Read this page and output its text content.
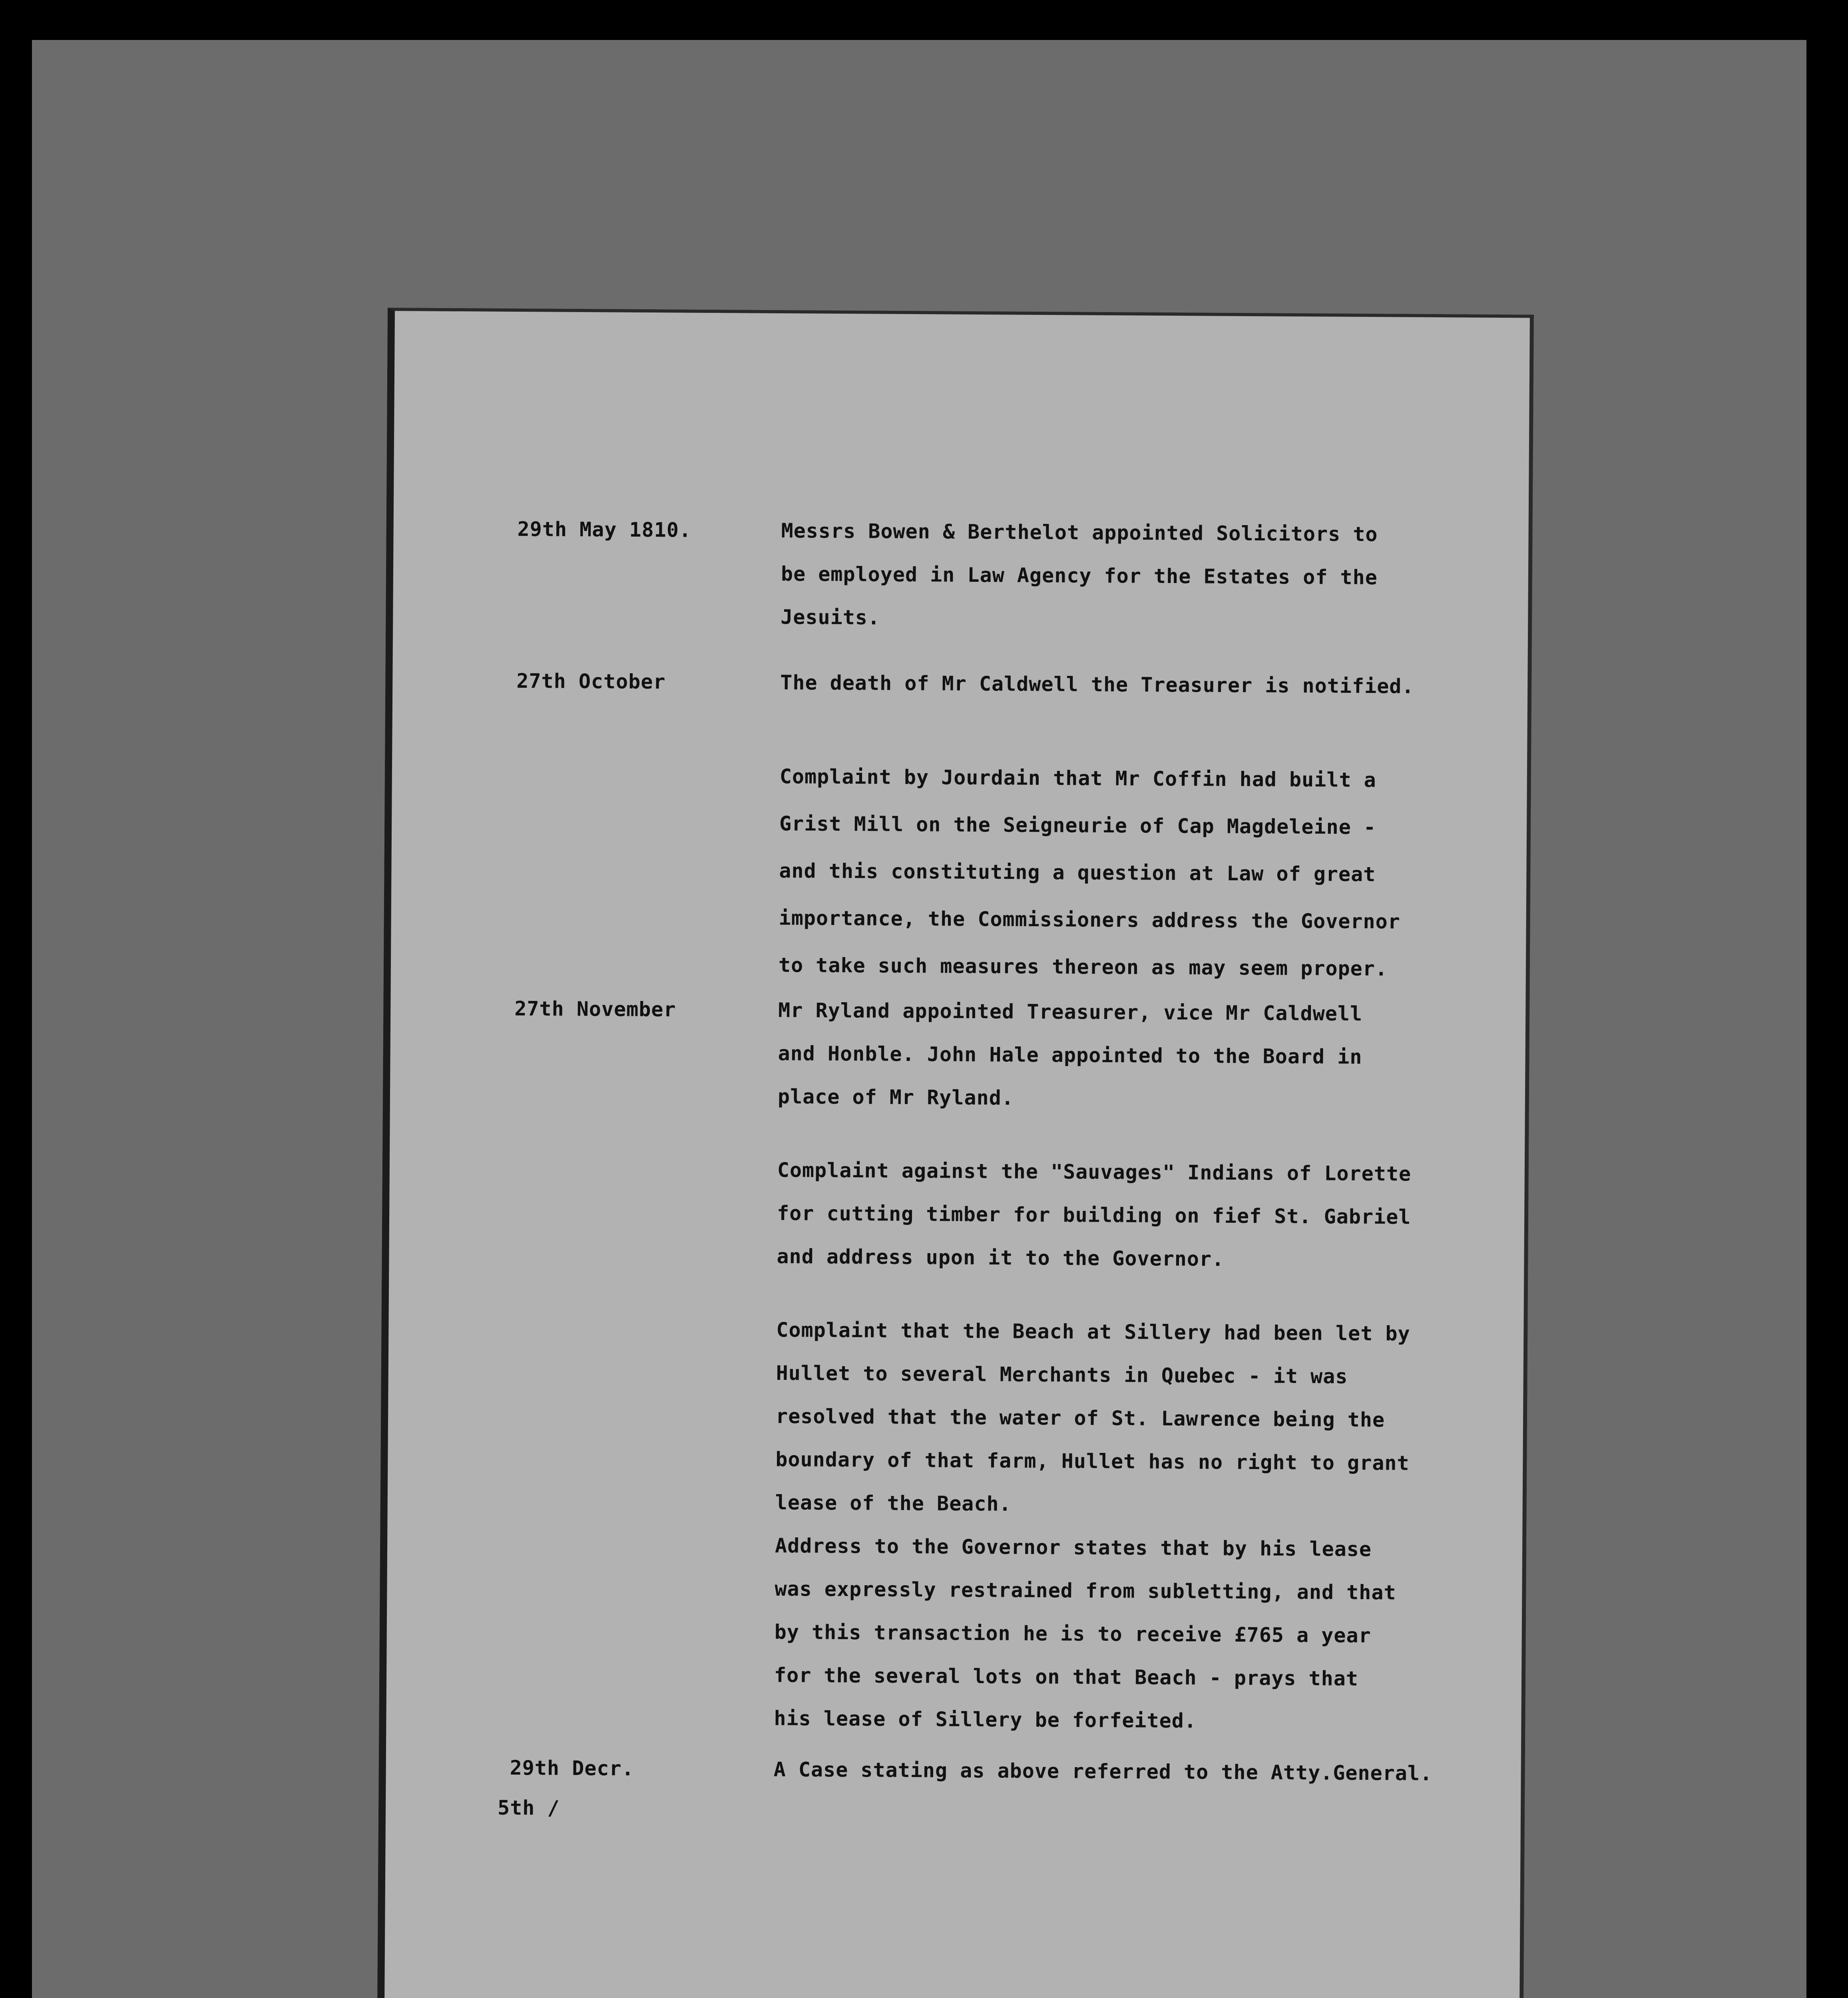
29th May 1810.	Messrs Bowen & Berthelot appointed Solicitors to
be employed in Law Agency for the Estates of the
Jesuits.
27th October	The death of Mr Caldwell the Treasurer is notified.
Complaint by Jourdain that Mr Coffin had built a
Grist Mill on the Seigneurie of Cap Magdeleine -
and this constituting a question at Law of great
importance, the Commissioners address the Governor
to take such measures thereon as may seem proper.
27th November	Mr Ryland appointed Treasurer, vice Mr Caldwell
and Honble. John Hale appointed to the Board in
place of Mr Ryland.
Complaint against the "Sauvages" Indians of Lorette
for cutting timber for building on fief St. Gabriel
and address upon it to the Governor.
Complaint that the Beach at Sillery had been let by
Hullet to several Merchants in Quebec - it was
resolved that the water of St. Lawrence being the
boundary of that farm, Hullet has no right to grant
lease of the Beach.
Address to the Governor states that by his lease
was expressly restrained from subletting, and that
by this transaction he is to receive £765 a year
for the several lots on that Beach - prays that
his lease of Sillery be forfeited.
29th Decr.	A Case stating as above referred to the Atty.General.
5th /
